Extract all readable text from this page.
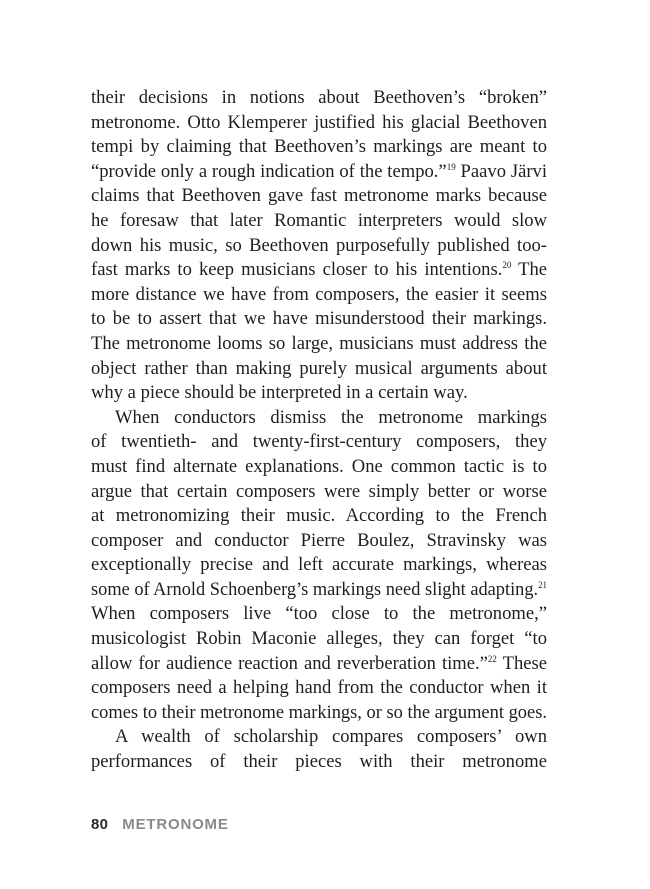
their decisions in notions about Beethoven’s “broken”
metronome. Otto Klemperer justified his glacial Beethoven
tempi by claiming that Beethoven’s markings are meant to
“provide only a rough indication of the tempo.”$^{19}$ Paavo Järvi
claims that Beethoven gave fast metronome marks because
he foresaw that later Romantic interpreters would slow
down his music, so Beethoven purposefully published too-
fast marks to keep musicians closer to his intentions.$^{20}$ The
more distance we have from composers, the easier it seems
to be to assert that we have misunderstood their markings.
The metronome looms so large, musicians must address the
object rather than making purely musical arguments about
why a piece should be interpreted in a certain way.
When conductors dismiss the metronome markings
of twentieth- and twenty-first-century composers, they
must find alternate explanations. One common tactic is to
argue that certain composers were simply better or worse
at metronomizing their music. According to the French
composer and conductor Pierre Boulez, Stravinsky was
exceptionally precise and left accurate markings, whereas
some of Arnold Schoenberg’s markings need slight adapting.$^{21}$
When composers live “too close to the metronome,”
musicologist Robin Maconie alleges, they can forget “to
allow for audience reaction and reverberation time.”$^{22}$ These
composers need a helping hand from the conductor when it
comes to their metronome markings, or so the argument goes.
A wealth of scholarship compares composers’ own
performances of their pieces with their metronome
80 METRONOME
